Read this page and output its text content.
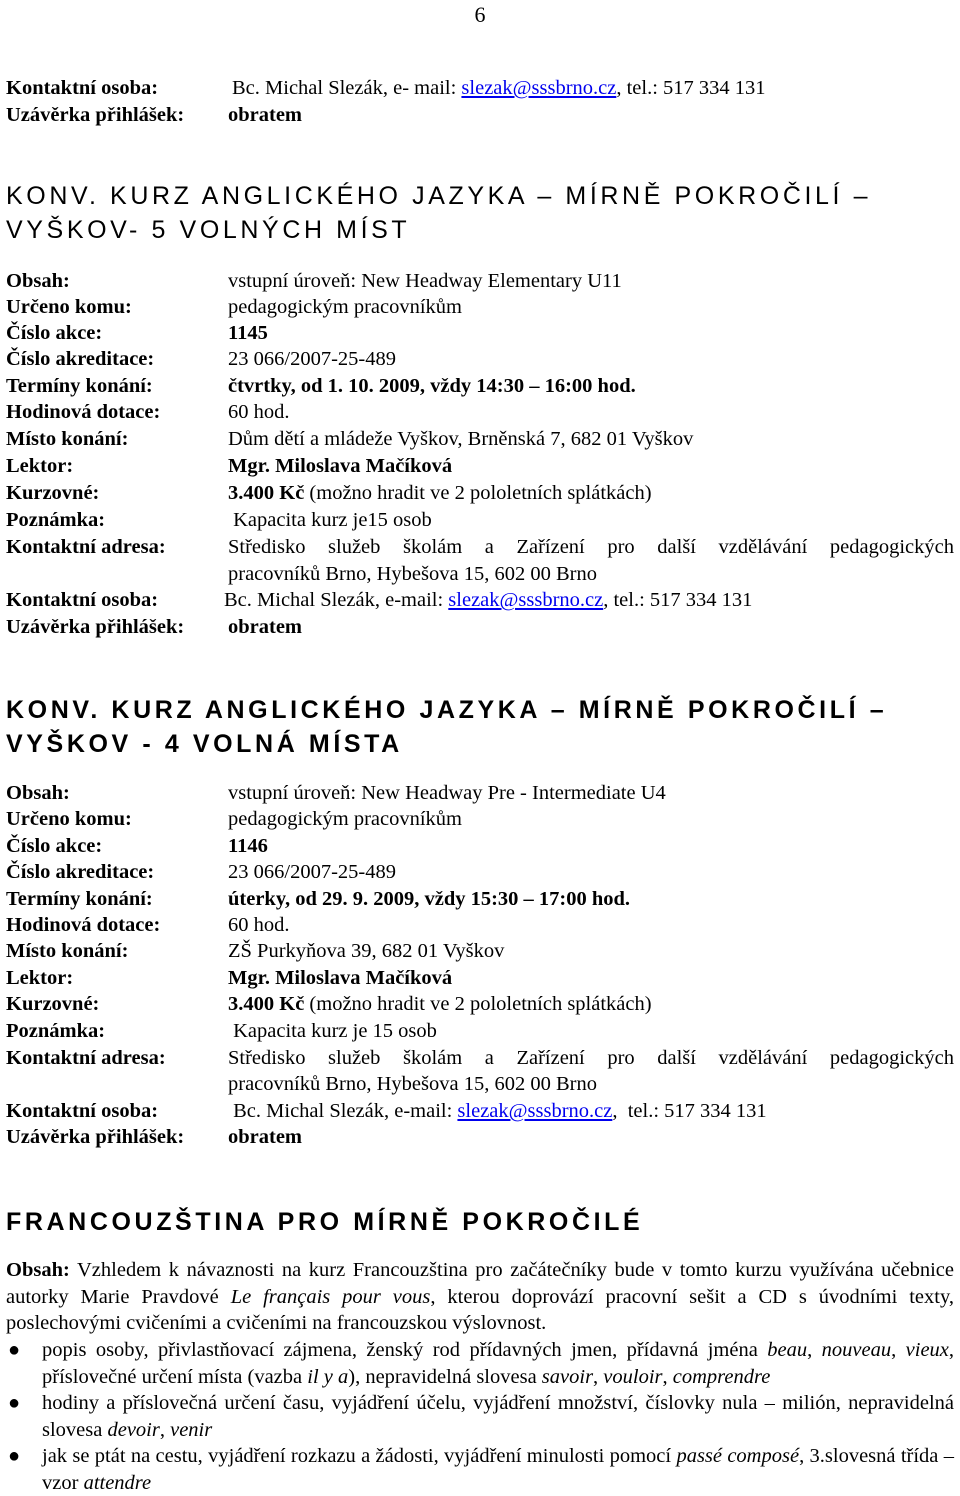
6
Kontaktní osoba:	Bc. Michal Slezák, e- mail: slezak@sssbrno.cz, tel.: 517 334 131
Uzávěrka přihlášek: obratem
KONV. KURZ ANGLICKÉHO JAZYKA – MÍRNĚ POKROČILÍ –
VYŠKOV- 5 VOLNÝCH MÍST
Obsah:	vstupní úroveň: New Headway Elementary U11
Určeno komu:	pedagogickým pracovníkům
Číslo akce:	1145
Číslo akreditace:	23 066/2007-25-489
Termíny konání:	čtvrtky, od 1. 10. 2009, vždy 14:30 – 16:00 hod.
Hodinová dotace:	60 hod.
Místo konání:	Dům dětí a mládeže Vyškov, Brněnská 7, 682 01 Vyškov
Lektor:	Mgr. Miloslava Mačíková
Kurzovné:	3.400 Kč (možno hradit ve 2 pololetních splátkách)
Poznámka:	Kapacita kurz je15 osob
Kontaktní adresa:	Středisko služeb školám a Zařízení pro další vzdělávání pedagogických
pracovníků Brno, Hybešova 15, 602 00 Brno
Kontaktní osoba:	Bc. Michal Slezák, e-mail: slezak@sssbrno.cz, tel.: 517 334 131
Uzávěrka přihlášek: obratem
KONV. KURZ ANGLICKÉHO JAZYKA – MÍRNĚ POKROČILÍ –
VYŠKOV - 4 VOLNÁ MÍSTA
Obsah:	vstupní úroveň: New Headway Pre - Intermediate U4
Určeno komu:	pedagogickým pracovníkům
Číslo akce:	1146
Číslo akreditace:	23 066/2007-25-489
Termíny konání:	úterky, od 29. 9. 2009, vždy 15:30 – 17:00 hod.
Hodinová dotace:	60 hod.
Místo konání:	ZŠ Purkyňova 39, 682 01 Vyškov
Lektor:	Mgr. Miloslava Mačíková
Kurzovné:	3.400 Kč (možno hradit ve 2 pololetních splátkách)
Poznámka:	Kapacita kurz je 15 osob
Kontaktní adresa:	Středisko služeb školám a Zařízení pro další vzdělávání pedagogických
pracovníků Brno, Hybešova 15, 602 00 Brno
Kontaktní osoba:	Bc. Michal Slezák, e-mail: slezak@sssbrno.cz,  tel.: 517 334 131
Uzávěrka přihlášek: obratem
FRANCOUZŠTINA PRO MÍRNĚ POKROČILÉ
Obsah: Vzhledem k návaznosti na kurz Francouzština pro začátečníky bude v tomto kurzu využívána učebnice autorky Marie Pravdové Le français pour vous, kterou doprovází pracovní sešit a CD s úvodními texty, poslechovými cvičeními a cvičeními na francouzskou výslovnost.
● popis osoby, přivlastňovací zájmena, ženský rod přídavných jmen, přídavná jména beau, nouveau, vieux, příslovečné určení místa (vazba il y a), nepravidelná slovesa savoir, vouloir, comprendre
● hodiny a příslovečná určení času, vyjádření účelu, vyjádření množství, číslovky nula – milión, nepravidelná slovesa devoir, venir
● jak se ptát na cestu, vyjádření rozkazu a žádosti, vyjádření minulosti pomocí passé composé, 3.slovesná třída – vzor attendre
